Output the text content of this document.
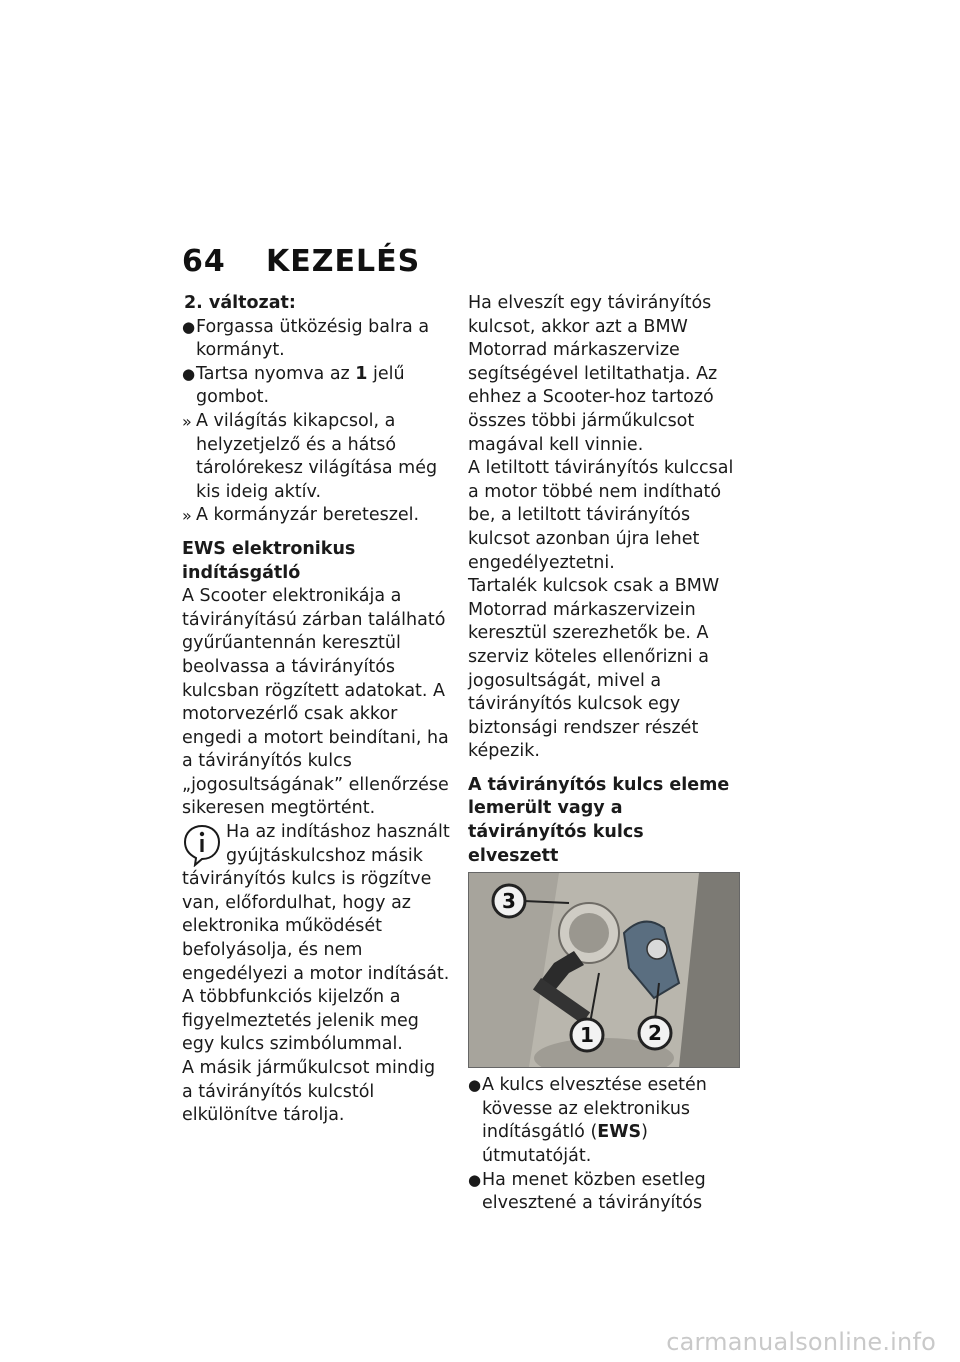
64 KEZELÉS

2. változat:

● Forgassa ütközésig balra a kormányt.

● Tartsa nyomva az 1 jelű gombot.

» A világítás kikapcsol, a helyzetjelző és a hátsó tárolórekesz világítása még kis ideig aktív.

» A kormányzár bereteszel.

EWS elektronikus indításgátló

A Scooter elektronikája a távirányítású zárban található gyűrűantennán keresztül beolvassa a távirányítós kulcsban rögzített adatokat. A motorvezérlő csak akkor engedi a motort beindítani, ha a távirányítós kulcs „jogosultságának” ellenőrzése sikeresen megtörtént.

Ha az indításhoz használt gyújtáskulcshoz másik távirányítós kulcs is rögzítve van, előfordulhat, hogy az elektronika működését befolyásolja, és nem engedélyezi a motor indítását. A többfunkciós kijelzőn a figyelmeztetés jelenik meg egy kulcs szimbólummal.

A másik járműkulcsot mindig a távirányítós kulcstól elkülönítve tárolja.

Ha elveszít egy távirányítós kulcsot, akkor azt a BMW Motorrad márkaszervize segítségével letiltathatja. Az ehhez a Scooter-hoz tartozó összes többi járműkulcsot magával kell vinnie.

A letiltott távirányítós kulccsal a motor többé nem indítható be, a letiltott távirányítós kulcsot azonban újra lehet engedélyeztetni.

Tartalék kulcsok csak a BMW Motorrad márkaszervizein keresztül szerezhetők be. A szerviz köteles ellenőrizni a jogosultságát, mivel a távirányítós kulcsok egy biztonsági rendszer részét képezik.

A távirányítós kulcs eleme lemerült vagy a távirányítós kulcs elveszett

3
1	2

● A kulcs elvesztése esetén kövesse az elektronikus indításgátló (EWS) útmutatóját.

● Ha menet közben esetleg elvesztené a távirányítós

carmanualsonline.info
